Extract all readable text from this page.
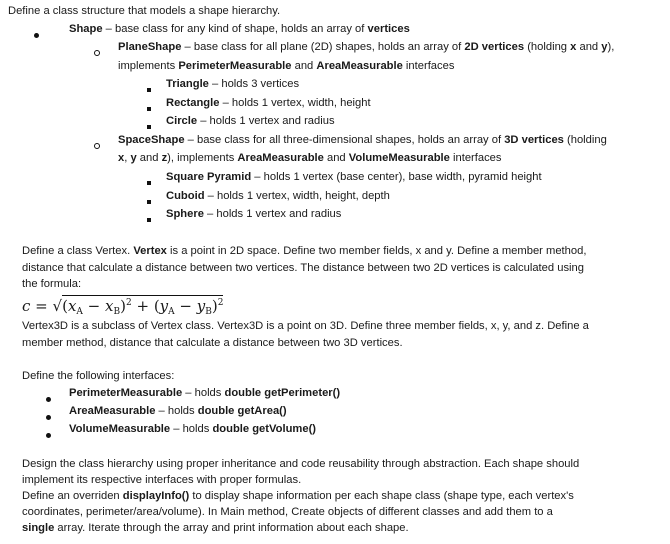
Define a class structure that models a shape hierarchy.
Shape – base class for any kind of shape, holds an array of vertices
PlaneShape – base class for all plane (2D) shapes, holds an array of 2D vertices (holding x and y),
implements PerimeterMeasurable and AreaMeasurable interfaces
Triangle – holds 3 vertices
Rectangle – holds 1 vertex, width, height
Circle – holds 1 vertex and radius
SpaceShape – base class for all three-dimensional shapes, holds an array of 3D vertices (holding
x, y and z), implements AreaMeasurable and VolumeMeasurable interfaces
Square Pyramid – holds 1 vertex (base center), base width, pyramid height
Cuboid – holds 1 vertex, width, height, depth
Sphere – holds 1 vertex and radius
Define a class Vertex. Vertex is a point in 2D space. Define two member fields, x and y. Define a member method,
distance that calculate a distance between two vertices. The distance between two 2D vertices is calculated using
the formula:
$c = √(x_A - x_B)^2 + (y_A - y_B)^2$
Vertex3D is a subclass of Vertex class. Vertex3D is a point on 3D. Define three member fields, x, y, and z. Define a
member method, distance that calculate a distance between two 3D vertices.
Define the following interfaces:
PerimeterMeasurable – holds double getPerimeter()
AreaMeasurable – holds double getArea()
VolumeMeasurable – holds double getVolume()
Design the class hierarchy using proper inheritance and code reusability through abstraction. Each shape should
implement its respective interfaces with proper formulas.
Define an overriden displayInfo() to display shape information per each shape class (shape type, each vertex's
coordinates, perimeter/area/volume). In Main method, Create objects of different classes and add them to a
single array. Iterate through the array and print information about each shape.
